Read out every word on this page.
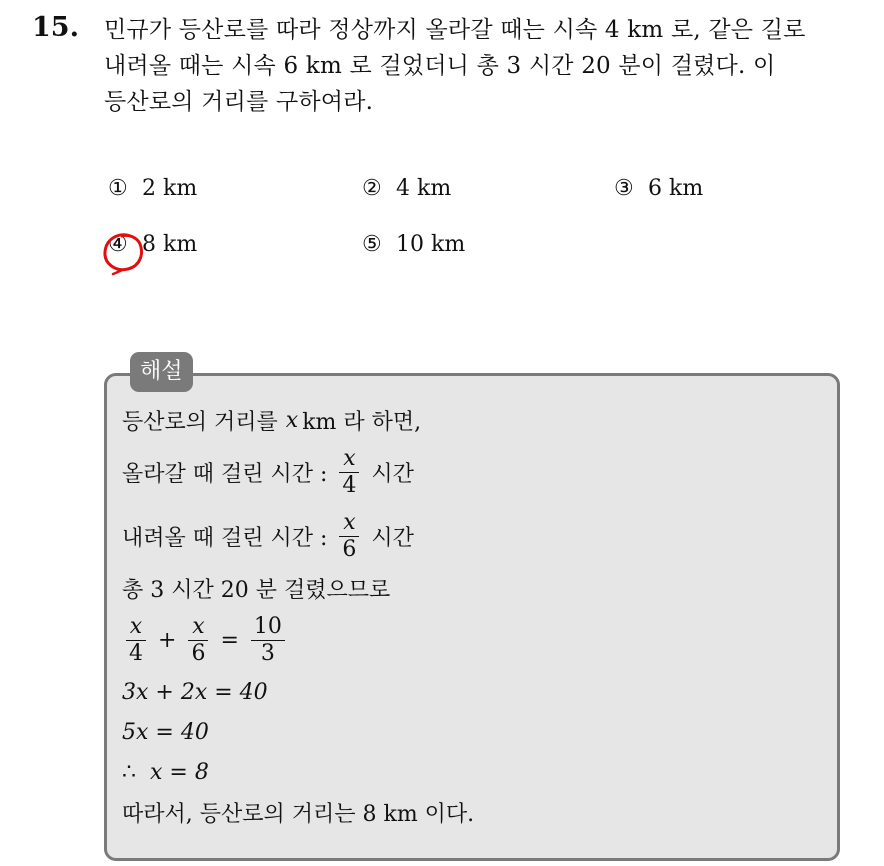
15. 민규가 등산로를 따라 정상까지 올라갈 때는 시속 4 km 로, 같은 길로
내려올 때는 시속 6 km 로 걸었더니 총 3 시간 20 분이 걸렸다. 이
등산로의 거리를 구하여라.
① 2 km	② 4 km	③ 6 km
④ 8 km	⑤ 10 km
해설
등산로의 거리를 x km 라 하면,
올라갈 때 걸린 시간 : $\frac{x}{4}$ 시간
내려올 때 걸린 시간 : $\frac{x}{6}$ 시간
총 3 시간 20 분 걸렸으므로
$\frac{x}{4} + \frac{x}{6} = \frac{10}{3}$
3x + 2x = 40
5x = 40
∴ x = 8
따라서, 등산로의 거리는 8 km 이다.
